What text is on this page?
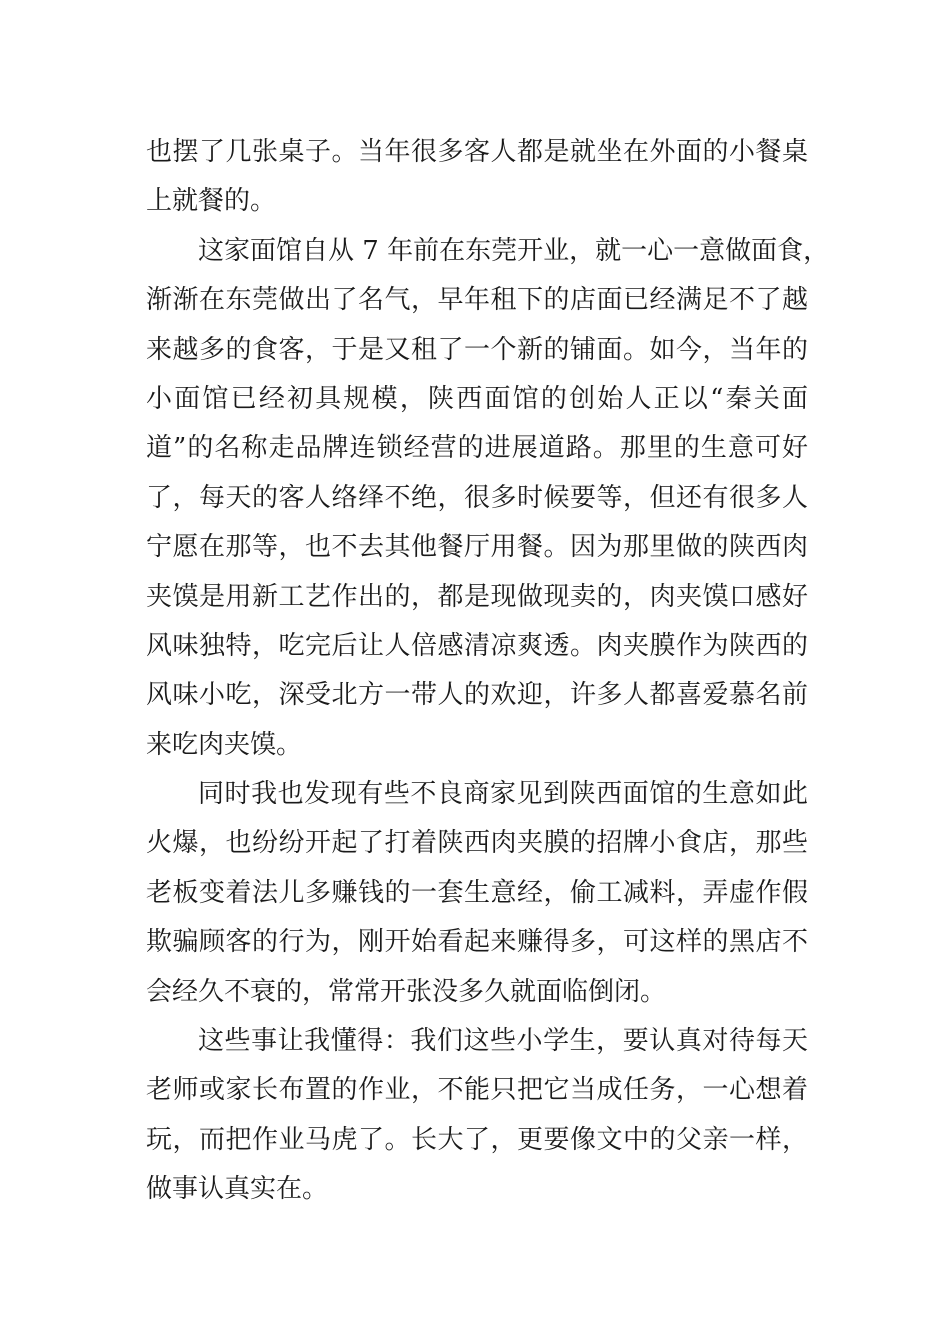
也摆了几张桌子。当年很多客人都是就坐在外面的小餐桌
上就餐的。
这家面馆自从 7 年前在东莞开业，就一心一意做面食，
渐渐在东莞做出了名气，早年租下的店面已经满足不了越
来越多的食客，于是又租了一个新的铺面。如今，当年的
小面馆已经初具规模，陕西面馆的创始人正以“秦关面
道”的名称走品牌连锁经营的进展道路。那里的生意可好
了，每天的客人络绎不绝，很多时候要等，但还有很多人
宁愿在那等，也不去其他餐厅用餐。因为那里做的陕西肉
夹馍是用新工艺作出的，都是现做现卖的，肉夹馍口感好
风味独特，吃完后让人倍感清凉爽透。肉夹膜作为陕西的
风味小吃，深受北方一带人的欢迎，许多人都喜爱慕名前
来吃肉夹馍。
同时我也发现有些不良商家见到陕西面馆的生意如此
火爆，也纷纷开起了打着陕西肉夹膜的招牌小食店，那些
老板变着法儿多赚钱的一套生意经，偷工减料，弄虚作假
欺骗顾客的行为，刚开始看起来赚得多，可这样的黑店不
会经久不衰的，常常开张没多久就面临倒闭。
这些事让我懂得：我们这些小学生，要认真对待每天
老师或家长布置的作业，不能只把它当成任务，一心想着
玩，而把作业马虎了。长大了，更要像文中的父亲一样，
做事认真实在。
